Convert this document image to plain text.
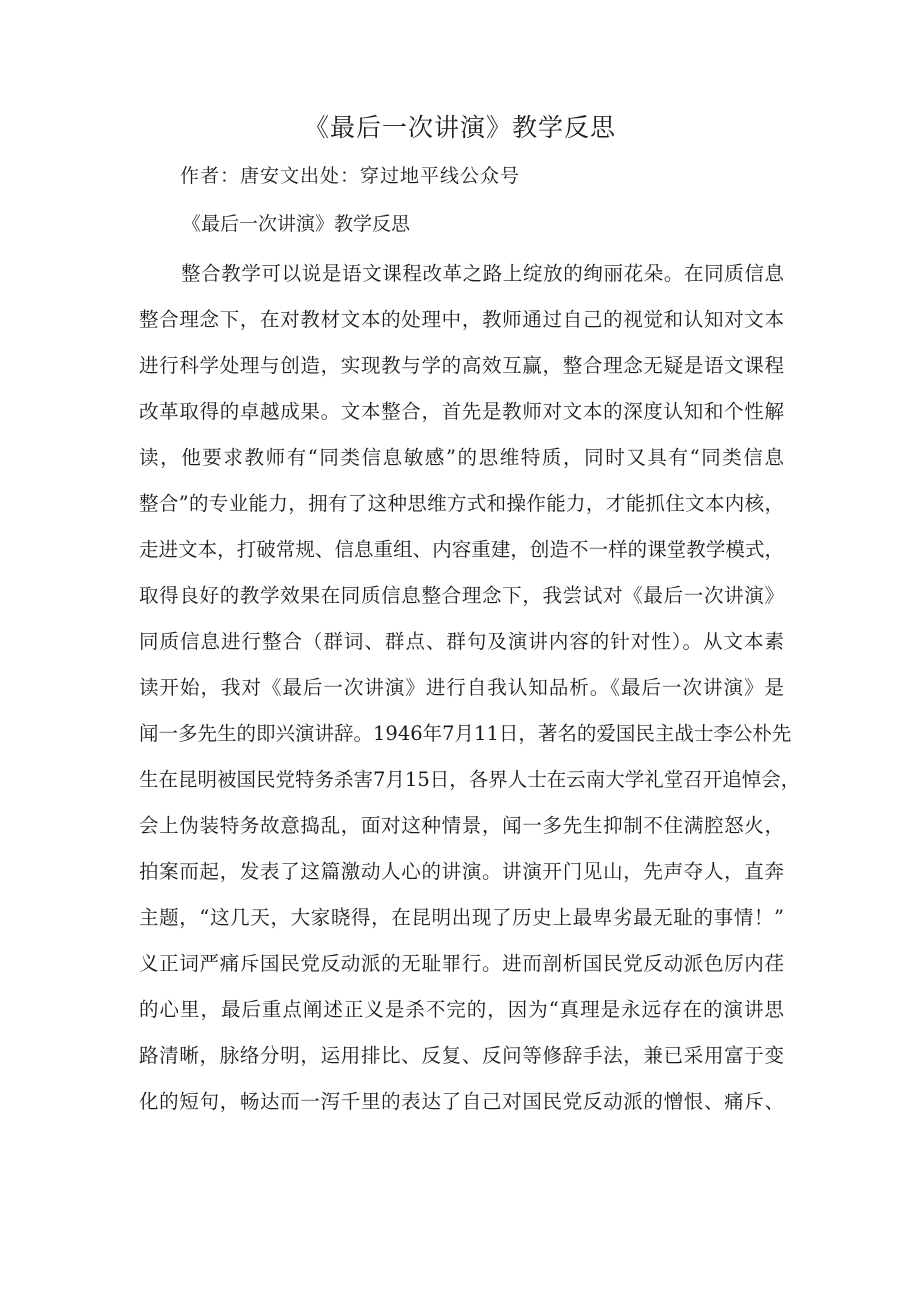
《最后一次讲演》教学反思
作者：唐安文出处：穿过地平线公众号
《最后一次讲演》教学反思
整合教学可以说是语文课程改革之路上绽放的绚丽花朵。在同质信息
整合理念下，在对教材文本的处理中，教师通过自己的视觉和认知对文本
进行科学处理与创造，实现教与学的高效互赢，整合理念无疑是语文课程
改革取得的卓越成果。文本整合，首先是教师对文本的深度认知和个性解
读，他要求教师有“同类信息敏感”的思维特质，同时又具有“同类信息
整合”的专业能力，拥有了这种思维方式和操作能力，才能抓住文本内核，
走进文本，打破常规、信息重组、内容重建，创造不一样的课堂教学模式，
取得良好的教学效果在同质信息整合理念下，我尝试对《最后一次讲演》
同质信息进行整合（群词、群点、群句及演讲内容的针对性）。从文本素
读开始，我对《最后一次讲演》进行自我认知品析。《最后一次讲演》是
闻一多先生的即兴演讲辞。1946年7月11日，著名的爱国民主战士李公朴先
生在昆明被国民党特务杀害7月15日，各界人士在云南大学礼堂召开追悼会，
会上伪装特务故意捣乱，面对这种情景，闻一多先生抑制不住满腔怒火，
拍案而起，发表了这篇激动人心的讲演。讲演开门见山，先声夺人，直奔
主题，“这几天，大家晓得，在昆明出现了历史上最卑劣最无耻的事情！”
义正词严痛斥国民党反动派的无耻罪行。进而剖析国民党反动派色厉内荏
的心里，最后重点阐述正义是杀不完的，因为“真理是永远存在的演讲思
路清晰，脉络分明，运用排比、反复、反问等修辞手法，兼已采用富于变
化的短句，畅达而一泻千里的表达了自己对国民党反动派的憎恨、痛斥、
